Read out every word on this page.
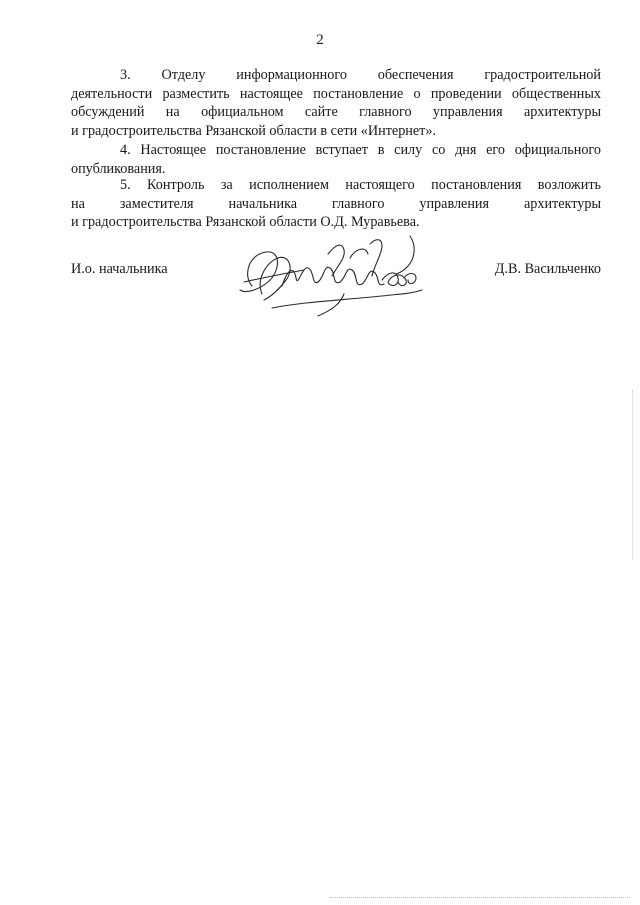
2
3. Отделу информационного обеспечения градостроительной
деятельности разместить настоящее постановление о проведении общественных
обсуждений на официальном сайте главного управления архитектуры
и градостроительства Рязанской области в сети «Интернет».
4. Настоящее постановление вступает в силу со дня его официального
опубликования.
5. Контроль за исполнением настоящего постановления возложить
на заместителя начальника главного управления архитектуры
и градостроительства Рязанской области О.Д. Муравьева.
И.о. начальника	Д.В. Васильченко
